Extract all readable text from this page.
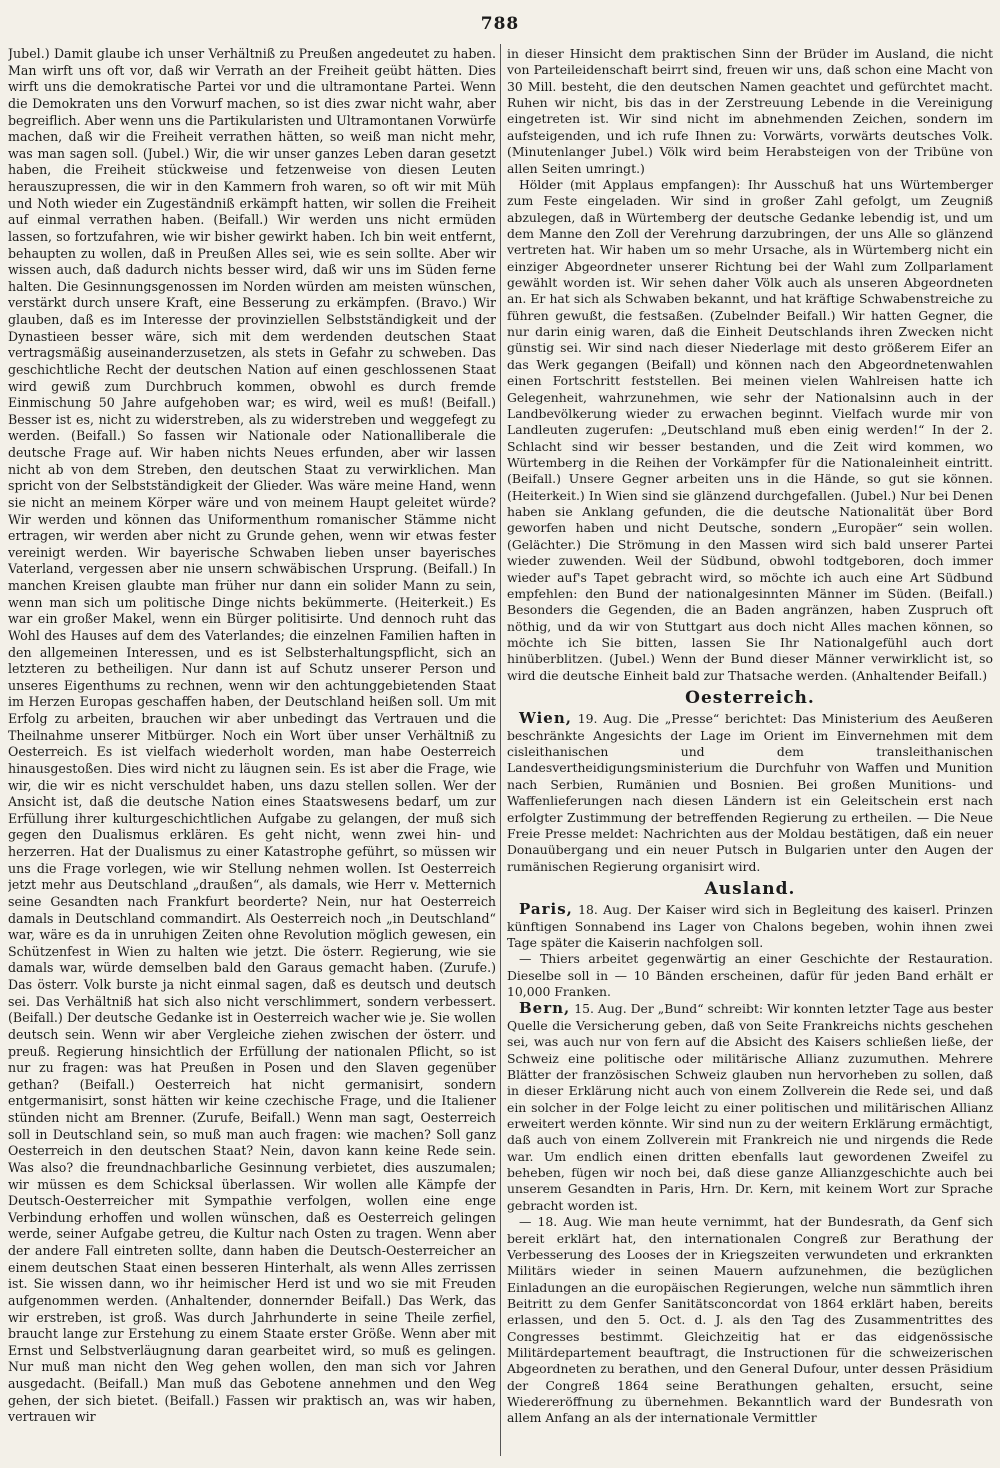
788

Jubel.) Damit glaube ich unser Verhältniß zu Preußen angedeutet zu haben. Man wirft uns oft vor, daß wir Verrath an der Freiheit geübt hätten. Dies wirft uns die demokratische Partei vor und die ultramontane Partei. Wenn die Demokraten uns den Vorwurf machen, so ist dies zwar nicht wahr, aber begreiflich. Aber wenn uns die Partikularisten und Ultramontanen Vorwürfe machen, daß wir die Freiheit verrathen hätten, so weiß man nicht mehr, was man sagen soll. (Jubel.) Wir, die wir unser ganzes Leben daran gesetzt haben, die Freiheit stückweise und fetzenweise von diesen Leuten herauszupressen, die wir in den Kammern froh waren, so oft wir mit Müh und Noth wieder ein Zugeständniß erkämpft hatten, wir sollen die Freiheit auf einmal verrathen haben. (Beifall.) Wir werden uns nicht ermüden lassen, so fortzufahren, wie wir bisher gewirkt haben. Ich bin weit entfernt, behaupten zu wollen, daß in Preußen Alles sei, wie es sein sollte. Aber wir wissen auch, daß dadurch nichts besser wird, daß wir uns im Süden ferne halten. Die Gesinnungsgenossen im Norden würden am meisten wünschen, verstärkt durch unsere Kraft, eine Besserung zu erkämpfen. (Bravo.) Wir glauben, daß es im Interesse der provinziellen Selbstständigkeit und der Dynastieen besser wäre, sich mit dem werdenden deutschen Staat vertragsmäßig auseinanderzusetzen, als stets in Gefahr zu schweben. Das geschichtliche Recht der deutschen Nation auf einen geschlossenen Staat wird gewiß zum Durchbruch kommen, obwohl es durch fremde Einmischung 50 Jahre aufgehoben war; es wird, weil es muß! (Beifall.) Besser ist es, nicht zu widerstreben, als zu widerstreben und weggefegt zu werden. (Beifall.) So fassen wir Nationale oder Nationalliberale die deutsche Frage auf. Wir haben nichts Neues erfunden, aber wir lassen nicht ab von dem Streben, den deutschen Staat zu verwirklichen. Man spricht von der Selbstständigkeit der Glieder. Was wäre meine Hand, wenn sie nicht an meinem Körper wäre und von meinem Haupt geleitet würde? Wir werden und können das Uniformenthum romanischer Stämme nicht ertragen, wir werden aber nicht zu Grunde gehen, wenn wir etwas fester vereinigt werden. Wir bayerische Schwaben lieben unser bayerisches Vaterland, vergessen aber nie unsern schwäbischen Ursprung. (Beifall.) In manchen Kreisen glaubte man früher nur dann ein solider Mann zu sein, wenn man sich um politische Dinge nichts bekümmerte. (Heiterkeit.) Es war ein großer Makel, wenn ein Bürger politisirte. Und dennoch ruht das Wohl des Hauses auf dem des Vaterlandes; die einzelnen Familien haften in den allgemeinen Interessen, und es ist Selbsterhaltungspflicht, sich an letzteren zu betheiligen. Nur dann ist auf Schutz unserer Person und unseres Eigenthums zu rechnen, wenn wir den achtunggebietenden Staat im Herzen Europas geschaffen haben, der Deutschland heißen soll. Um mit Erfolg zu arbeiten, brauchen wir aber unbedingt das Vertrauen und die Theilnahme unserer Mitbürger. Noch ein Wort über unser Verhältniß zu Oesterreich. Es ist vielfach wiederholt worden, man habe Oesterreich hinausgestoßen. Dies wird nicht zu läugnen sein. Es ist aber die Frage, wie wir, die wir es nicht verschuldet haben, uns dazu stellen sollen. Wer der Ansicht ist, daß die deutsche Nation eines Staatswesens bedarf, um zur Erfüllung ihrer kulturgeschichtlichen Aufgabe zu gelangen, der muß sich gegen den Dualismus erklären. Es geht nicht, wenn zwei hin- und herzerren. Hat der Dualismus zu einer Katastrophe geführt, so müssen wir uns die Frage vorlegen, wie wir Stellung nehmen wollen. Ist Oesterreich jetzt mehr aus Deutschland „draußen“, als damals, wie Herr v. Metternich seine Gesandten nach Frankfurt beorderte? Nein, nur hat Oesterreich damals in Deutschland commandirt. Als Oesterreich noch „in Deutschland“ war, wäre es da in unruhigen Zeiten ohne Revolution möglich gewesen, ein Schützenfest in Wien zu halten wie jetzt. Die österr. Regierung, wie sie damals war, würde demselben bald den Garaus gemacht haben. (Zurufe.) Das österr. Volk burste ja nicht einmal sagen, daß es deutsch und deutsch sei. Das Verhältniß hat sich also nicht verschlimmert, sondern verbessert. (Beifall.) Der deutsche Gedanke ist in Oesterreich wacher wie je. Sie wollen deutsch sein. Wenn wir aber Vergleiche ziehen zwischen der österr. und preuß. Regierung hinsichtlich der Erfüllung der nationalen Pflicht, so ist nur zu fragen: was hat Preußen in Posen und den Slaven gegenüber gethan? (Beifall.) Oesterreich hat nicht germanisirt, sondern entgermanisirt, sonst hätten wir keine czechische Frage, und die Italiener stünden nicht am Brenner. (Zurufe, Beifall.) Wenn man sagt, Oesterreich soll in Deutschland sein, so muß man auch fragen: wie machen? Soll ganz Oesterreich in den deutschen Staat? Nein, davon kann keine Rede sein. Was also? die freundnachbarliche Gesinnung verbietet, dies auszumalen; wir müssen es dem Schicksal überlassen. Wir wollen alle Kämpfe der Deutsch-Oesterreicher mit Sympathie verfolgen, wollen eine enge Verbindung erhoffen und wollen wünschen, daß es Oesterreich gelingen werde, seiner Aufgabe getreu, die Kultur nach Osten zu tragen. Wenn aber der andere Fall eintreten sollte, dann haben die Deutsch-Oesterreicher an einem deutschen Staat einen besseren Hinterhalt, als wenn Alles zerrissen ist. Sie wissen dann, wo ihr heimischer Herd ist und wo sie mit Freuden aufgenommen werden. (Anhaltender, donnernder Beifall.) Das Werk, das wir erstreben, ist groß. Was durch Jahrhunderte in seine Theile zerfiel, braucht lange zur Erstehung zu einem Staate erster Größe. Wenn aber mit Ernst und Selbstverläugnung daran gearbeitet wird, so muß es gelingen. Nur muß man nicht den Weg gehen wollen, den man sich vor Jahren ausgedacht. (Beifall.) Man muß das Gebotene annehmen und den Weg gehen, der sich bietet. (Beifall.) Fassen wir praktisch an, was wir haben, vertrauen wir

in dieser Hinsicht dem praktischen Sinn der Brüder im Ausland, die nicht von Parteileidenschaft beirrt sind, freuen wir uns, daß schon eine Macht von 30 Mill. besteht, die den deutschen Namen geachtet und gefürchtet macht. Ruhen wir nicht, bis das in der Zerstreuung Lebende in die Vereinigung eingetreten ist. Wir sind nicht im abnehmenden Zeichen, sondern im aufsteigenden, und ich rufe Ihnen zu: Vorwärts, vorwärts deutsches Volk. (Minutenlanger Jubel.) Völk wird beim Herabsteigen von der Tribüne von allen Seiten umringt.)

Hölder (mit Applaus empfangen): Ihr Ausschuß hat uns Würtemberger zum Feste eingeladen. Wir sind in großer Zahl gefolgt, um Zeugniß abzulegen, daß in Würtemberg der deutsche Gedanke lebendig ist, und um dem Manne den Zoll der Verehrung darzubringen, der uns Alle so glänzend vertreten hat. Wir haben um so mehr Ursache, als in Würtemberg nicht ein einziger Abgeordneter unserer Richtung bei der Wahl zum Zollparlament gewählt worden ist. Wir sehen daher Völk auch als unseren Abgeordneten an. Er hat sich als Schwaben bekannt, und hat kräftige Schwabenstreiche zu führen gewußt, die festsaßen. (Zubelnder Beifall.) Wir hatten Gegner, die nur darin einig waren, daß die Einheit Deutschlands ihren Zwecken nicht günstig sei. Wir sind nach dieser Niederlage mit desto größerem Eifer an das Werk gegangen (Beifall) und können nach den Abgeordnetenwahlen einen Fortschritt feststellen. Bei meinen vielen Wahlreisen hatte ich Gelegenheit, wahrzunehmen, wie sehr der Nationalsinn auch in der Landbevölkerung wieder zu erwachen beginnt. Vielfach wurde mir von Landleuten zugerufen: „Deutschland muß eben einig werden!“ In der 2. Schlacht sind wir besser bestanden, und die Zeit wird kommen, wo Würtemberg in die Reihen der Vorkämpfer für die Nationaleinheit eintritt. (Beifall.) Unsere Gegner arbeiten uns in die Hände, so gut sie können. (Heiterkeit.) In Wien sind sie glänzend durchgefallen. (Jubel.) Nur bei Denen haben sie Anklang gefunden, die die deutsche Nationalität über Bord geworfen haben und nicht Deutsche, sondern „Europäer“ sein wollen. (Gelächter.) Die Strömung in den Massen wird sich bald unserer Partei wieder zuwenden. Weil der Südbund, obwohl todtgeboren, doch immer wieder auf's Tapet gebracht wird, so möchte ich auch eine Art Südbund empfehlen: den Bund der nationalgesinnten Männer im Süden. (Beifall.) Besonders die Gegenden, die an Baden angränzen, haben Zuspruch oft nöthig, und da wir von Stuttgart aus doch nicht Alles machen können, so möchte ich Sie bitten, lassen Sie Ihr Nationalgefühl auch dort hinüberblitzen. (Jubel.) Wenn der Bund dieser Männer verwirklicht ist, so wird die deutsche Einheit bald zur Thatsache werden. (Anhaltender Beifall.)

Oesterreich.

Wien, 19. Aug. Die „Presse“ berichtet: Das Ministerium des Aeußeren beschränkte Angesichts der Lage im Orient im Einvernehmen mit dem cisleithanischen und dem transleithanischen Landesvertheidigungsministerium die Durchfuhr von Waffen und Munition nach Serbien, Rumänien und Bosnien. Bei großen Munitions- und Waffenlieferungen nach diesen Ländern ist ein Geleitschein erst nach erfolgter Zustimmung der betreffenden Regierung zu ertheilen. — Die Neue Freie Presse meldet: Nachrichten aus der Moldau bestätigen, daß ein neuer Donauübergang und ein neuer Putsch in Bulgarien unter den Augen der rumänischen Regierung organisirt wird.

Ausland.

Paris, 18. Aug. Der Kaiser wird sich in Begleitung des kaiserl. Prinzen künftigen Sonnabend ins Lager von Chalons begeben, wohin ihnen zwei Tage später die Kaiserin nachfolgen soll.

— Thiers arbeitet gegenwärtig an einer Geschichte der Restauration. Dieselbe soll in — 10 Bänden erscheinen, dafür für jeden Band erhält er 10,000 Franken.

Bern, 15. Aug. Der „Bund“ schreibt: Wir konnten letzter Tage aus bester Quelle die Versicherung geben, daß von Seite Frankreichs nichts geschehen sei, was auch nur von fern auf die Absicht des Kaisers schließen ließe, der Schweiz eine politische oder militärische Allianz zuzumuthen. Mehrere Blätter der französischen Schweiz glauben nun hervorheben zu sollen, daß in dieser Erklärung nicht auch von einem Zollverein die Rede sei, und daß ein solcher in der Folge leicht zu einer politischen und militärischen Allianz erweitert werden könnte. Wir sind nun zu der weitern Erklärung ermächtigt, daß auch von einem Zollverein mit Frankreich nie und nirgends die Rede war. Um endlich einen dritten ebenfalls laut gewordenen Zweifel zu beheben, fügen wir noch bei, daß diese ganze Allianzgeschichte auch bei unserem Gesandten in Paris, Hrn. Dr. Kern, mit keinem Wort zur Sprache gebracht worden ist.

— 18. Aug. Wie man heute vernimmt, hat der Bundesrath, da Genf sich bereit erklärt hat, den internationalen Congreß zur Berathung der Verbesserung des Looses der in Kriegszeiten verwundeten und erkrankten Militärs wieder in seinen Mauern aufzunehmen, die bezüglichen Einladungen an die europäischen Regierungen, welche nun sämmtlich ihren Beitritt zu dem Genfer Sanitätsconcordat von 1864 erklärt haben, bereits erlassen, und den 5. Oct. d. J. als den Tag des Zusammentrittes des Congresses bestimmt. Gleichzeitig hat er das eidgenössische Militärdepartement beauftragt, die Instructionen für die schweizerischen Abgeordneten zu berathen, und den General Dufour, unter dessen Präsidium der Congreß 1864 seine Berathungen gehalten, ersucht, seine Wiedereröffnung zu übernehmen. Bekanntlich ward der Bundesrath von allem Anfang an als der internationale Vermittler
